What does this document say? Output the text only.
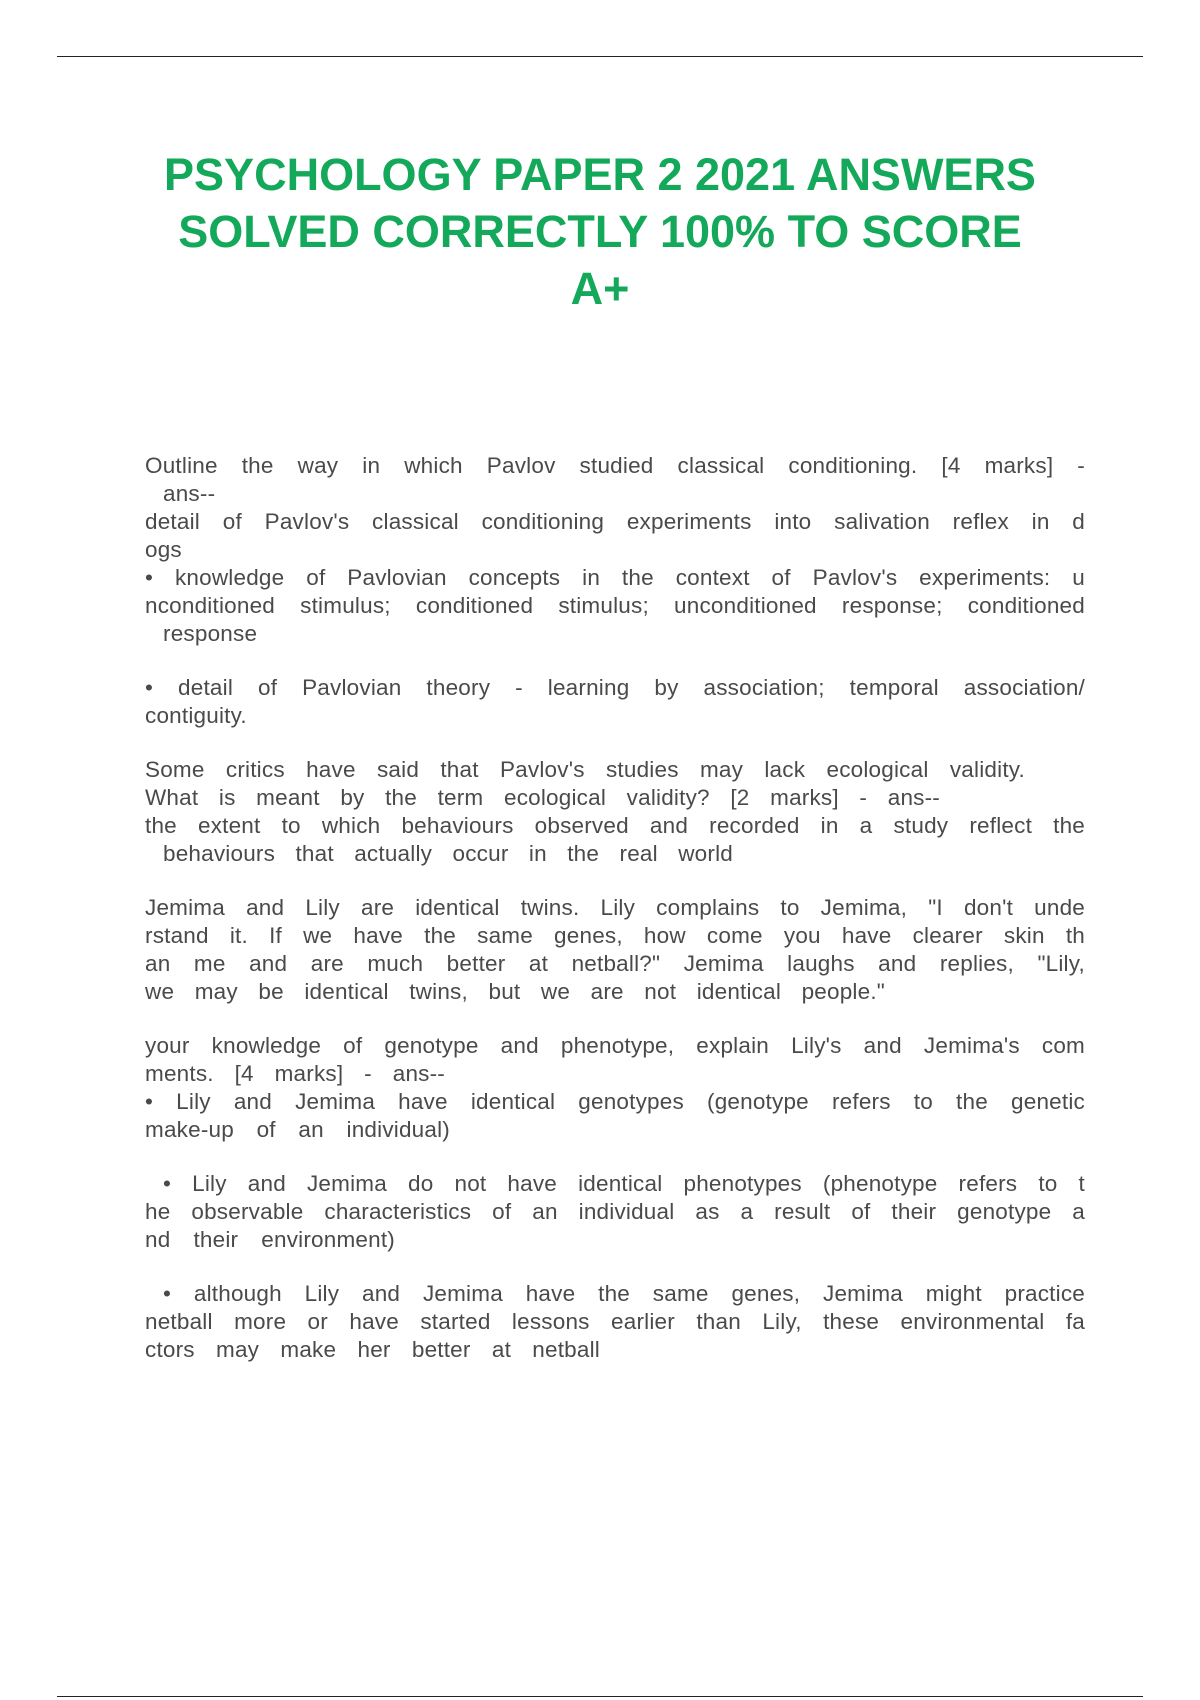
PSYCHOLOGY PAPER 2 2021 ANSWERS
SOLVED CORRECTLY 100% TO SCORE
A+
Outline the way in which Pavlov studied classical conditioning. [4 marks] -
ans--
detail of Pavlov's classical conditioning experiments into salivation reflex in d
ogs
• knowledge of Pavlovian concepts in the context of Pavlov's experiments: u
nconditioned stimulus; conditioned stimulus; unconditioned response; conditioned
response
• detail of Pavlovian theory - learning by association; temporal association/
contiguity.
Some critics have said that Pavlov's studies may lack ecological validity.
What is meant by the term ecological validity? [2 marks] - ans--
the extent to which behaviours observed and recorded in a study reflect the
behaviours that actually occur in the real world
Jemima and Lily are identical twins. Lily complains to Jemima, "I don't unde
rstand it. If we have the same genes, how come you have clearer skin th
an me and are much better at netball?" Jemima laughs and replies, "Lily,
we may be identical twins, but we are not identical people."
your knowledge of genotype and phenotype, explain Lily's and Jemima's com
ments. [4 marks] - ans--
• Lily and Jemima have identical genotypes (genotype refers to the genetic
make-up of an individual)
• Lily and Jemima do not have identical phenotypes (phenotype refers to t
he observable characteristics of an individual as a result of their genotype a
nd their environment)
• although Lily and Jemima have the same genes, Jemima might practice
netball more or have started lessons earlier than Lily, these environmental fa
ctors may make her better at netball
